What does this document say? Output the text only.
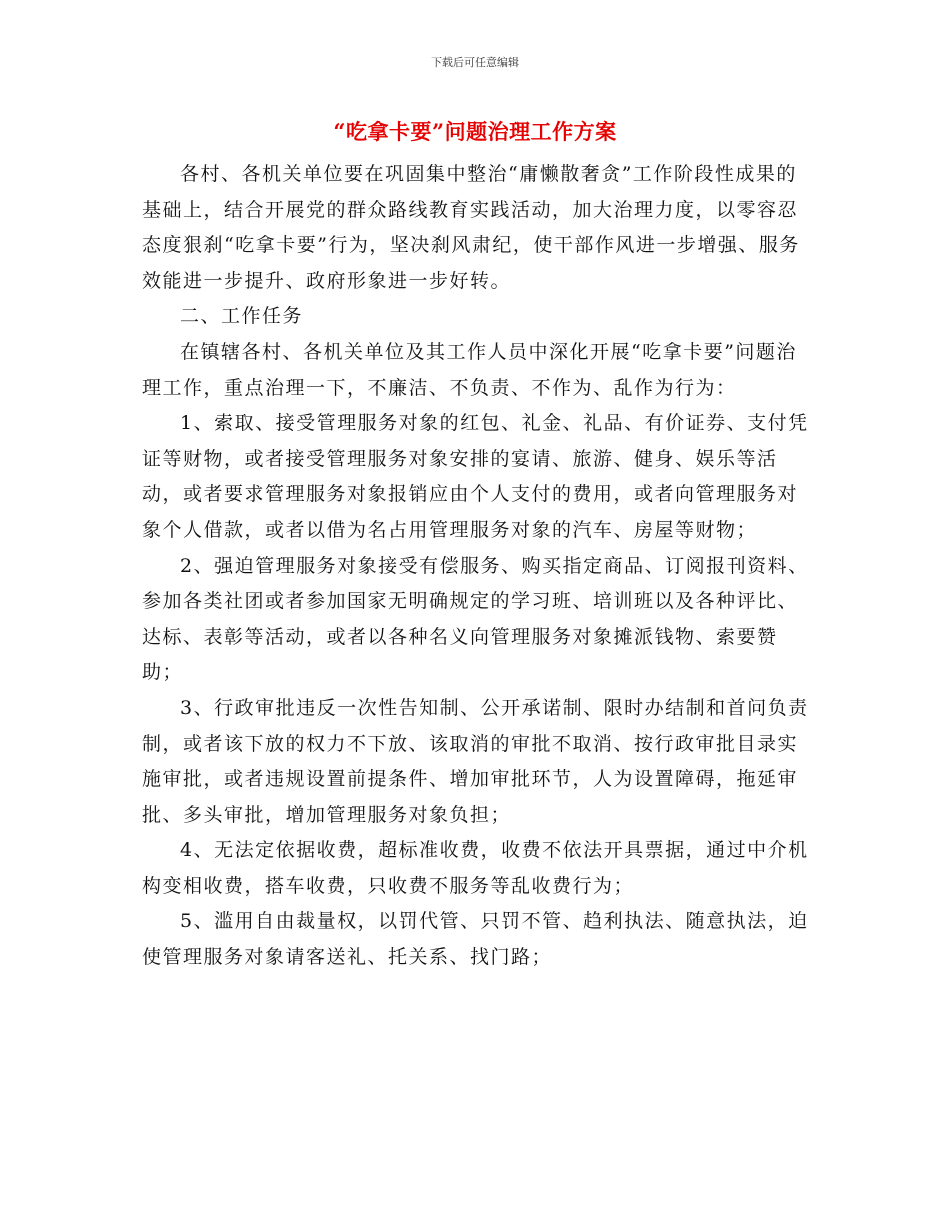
下载后可任意编辑
“吃拿卡要”问题治理工作方案

各村、各机关单位要在巩固集中整治“庸懒散奢贪”工作阶段性成果的基础上，结合开展党的群众路线教育实践活动，加大治理力度，以零容忍态度狠刹“吃拿卡要”行为，坚决刹风肃纪，使干部作风进一步增强、服务效能进一步提升、政府形象进一步好转。

二、工作任务

在镇辖各村、各机关单位及其工作人员中深化开展“吃拿卡要”问题治理工作，重点治理一下，不廉洁、不负责、不作为、乱作为行为：

1、索取、接受管理服务对象的红包、礼金、礼品、有价证券、支付凭证等财物，或者接受管理服务对象安排的宴请、旅游、健身、娱乐等活动，或者要求管理服务对象报销应由个人支付的费用，或者向管理服务对象个人借款，或者以借为名占用管理服务对象的汽车、房屋等财物；

2、强迫管理服务对象接受有偿服务、购买指定商品、订阅报刊资料、参加各类社团或者参加国家无明确规定的学习班、培训班以及各种评比、达标、表彰等活动，或者以各种名义向管理服务对象摊派钱物、索要赞助；

3、行政审批违反一次性告知制、公开承诺制、限时办结制和首问负责制，或者该下放的权力不下放、该取消的审批不取消、按行政审批目录实施审批，或者违规设置前提条件、增加审批环节，人为设置障碍，拖延审批、多头审批，增加管理服务对象负担；

4、无法定依据收费，超标准收费，收费不依法开具票据，通过中介机构变相收费，搭车收费，只收费不服务等乱收费行为；

5、滥用自由裁量权，以罚代管、只罚不管、趋利执法、随意执法，迫使管理服务对象请客送礼、托关系、找门路；
